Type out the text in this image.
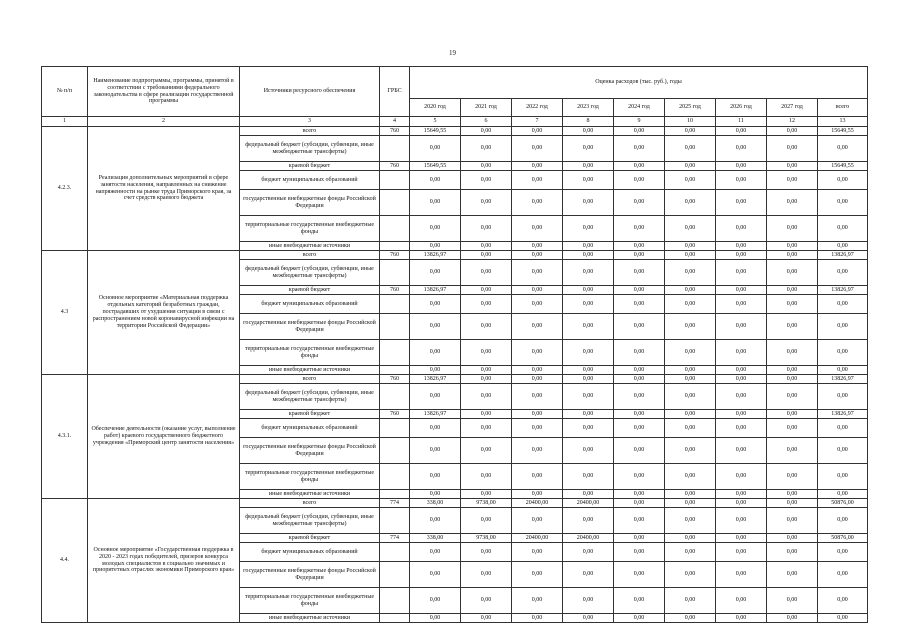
19
№ п/п	Наименование подпрограммы, программы, принятой в соответствии с требованиями федерального законодательства в сфере реализации государственной программы	Источники ресурсного обеспечения	ГРБС	Оценка расходов (тыс. руб.), годы								
				2020 год	2021 год	2022 год	2023 год	2024 год	2025 год	2026 год	2027 год	всего
1	2	3	4	5	6	7	8	9	10	11	12	13
4.2.3.	Реализация дополнительных мероприятий в сфере занятости населения, направленных на снижение напряженности на рынке труда Приморского края, за счет средств краевого бюджета	всего	760	15649,55	0,00	0,00	0,00	0,00	0,00	0,00	0,00	15649,55
		федеральный бюджет (субсидии, субвенции, иные межбюджетные трансферты)		0,00	0,00	0,00	0,00	0,00	0,00	0,00	0,00	0,00
		краевой бюджет	760	15649,55	0,00	0,00	0,00	0,00	0,00	0,00	0,00	15649,55
		бюджет муниципальных образований		0,00	0,00	0,00	0,00	0,00	0,00	0,00	0,00	0,00
		государственные внебюджетные фонды Российской Федерации		0,00	0,00	0,00	0,00	0,00	0,00	0,00	0,00	0,00
		территориальные государственные внебюджетные фонды		0,00	0,00	0,00	0,00	0,00	0,00	0,00	0,00	0,00
		иные внебюджетные источники		0,00	0,00	0,00	0,00	0,00	0,00	0,00	0,00	0,00
4.3	Основное мероприятие «Материальная поддержка отдельных категорий безработных граждан, пострадавших от ухудшения ситуации в связи с распространением новой коронавирусной инфекции на территории Российской Федерации»	всего	760	13826,97	0,00	0,00	0,00	0,00	0,00	0,00	0,00	13826,97
		федеральный бюджет (субсидии, субвенции, иные межбюджетные трансферты)		0,00	0,00	0,00	0,00	0,00	0,00	0,00	0,00	0,00
		краевой бюджет	760	13826,97	0,00	0,00	0,00	0,00	0,00	0,00	0,00	13826,97
		бюджет муниципальных образований		0,00	0,00	0,00	0,00	0,00	0,00	0,00	0,00	0,00
		государственные внебюджетные фонды Российской Федерации		0,00	0,00	0,00	0,00	0,00	0,00	0,00	0,00	0,00
		территориальные государственные внебюджетные фонды		0,00	0,00	0,00	0,00	0,00	0,00	0,00	0,00	0,00
		иные внебюджетные источники		0,00	0,00	0,00	0,00	0,00	0,00	0,00	0,00	0,00
4.3.1.	Обеспечение деятельности (оказание услуг, выполнение работ) краевого государственного бюджетного учреждения «Приморский центр занятости населения»	всего	760	13826,97	0,00	0,00	0,00	0,00	0,00	0,00	0,00	13826,97
		федеральный бюджет (субсидии, субвенции, иные межбюджетные трансферты)		0,00	0,00	0,00	0,00	0,00	0,00	0,00	0,00	0,00
		краевой бюджет	760	13826,97	0,00	0,00	0,00	0,00	0,00	0,00	0,00	13826,97
		бюджет муниципальных образований		0,00	0,00	0,00	0,00	0,00	0,00	0,00	0,00	0,00
		государственные внебюджетные фонды Российской Федерации		0,00	0,00	0,00	0,00	0,00	0,00	0,00	0,00	0,00
		территориальные государственные внебюджетные фонды		0,00	0,00	0,00	0,00	0,00	0,00	0,00	0,00	0,00
		иные внебюджетные источники		0,00	0,00	0,00	0,00	0,00	0,00	0,00	0,00	0,00
4.4.	Основное мероприятие «Государственная поддержка в 2020 - 2023 годах победителей, призеров конкурса молодых специалистов в социально значимых и приоритетных отраслях экономики Приморского края»	всего	774	338,00	9738,00	20400,00	20400,00	0,00	0,00	0,00	0,00	50876,00
		федеральный бюджет (субсидии, субвенции, иные межбюджетные трансферты)		0,00	0,00	0,00	0,00	0,00	0,00	0,00	0,00	0,00
		краевой бюджет	774	338,00	9738,00	20400,00	20400,00	0,00	0,00	0,00	0,00	50876,00
		бюджет муниципальных образований		0,00	0,00	0,00	0,00	0,00	0,00	0,00	0,00	0,00
		государственные внебюджетные фонды Российской Федерации		0,00	0,00	0,00	0,00	0,00	0,00	0,00	0,00	0,00
		территориальные государственные внебюджетные фонды		0,00	0,00	0,00	0,00	0,00	0,00	0,00	0,00	0,00
		иные внебюджетные источники		0,00	0,00	0,00	0,00	0,00	0,00	0,00	0,00	0,00
